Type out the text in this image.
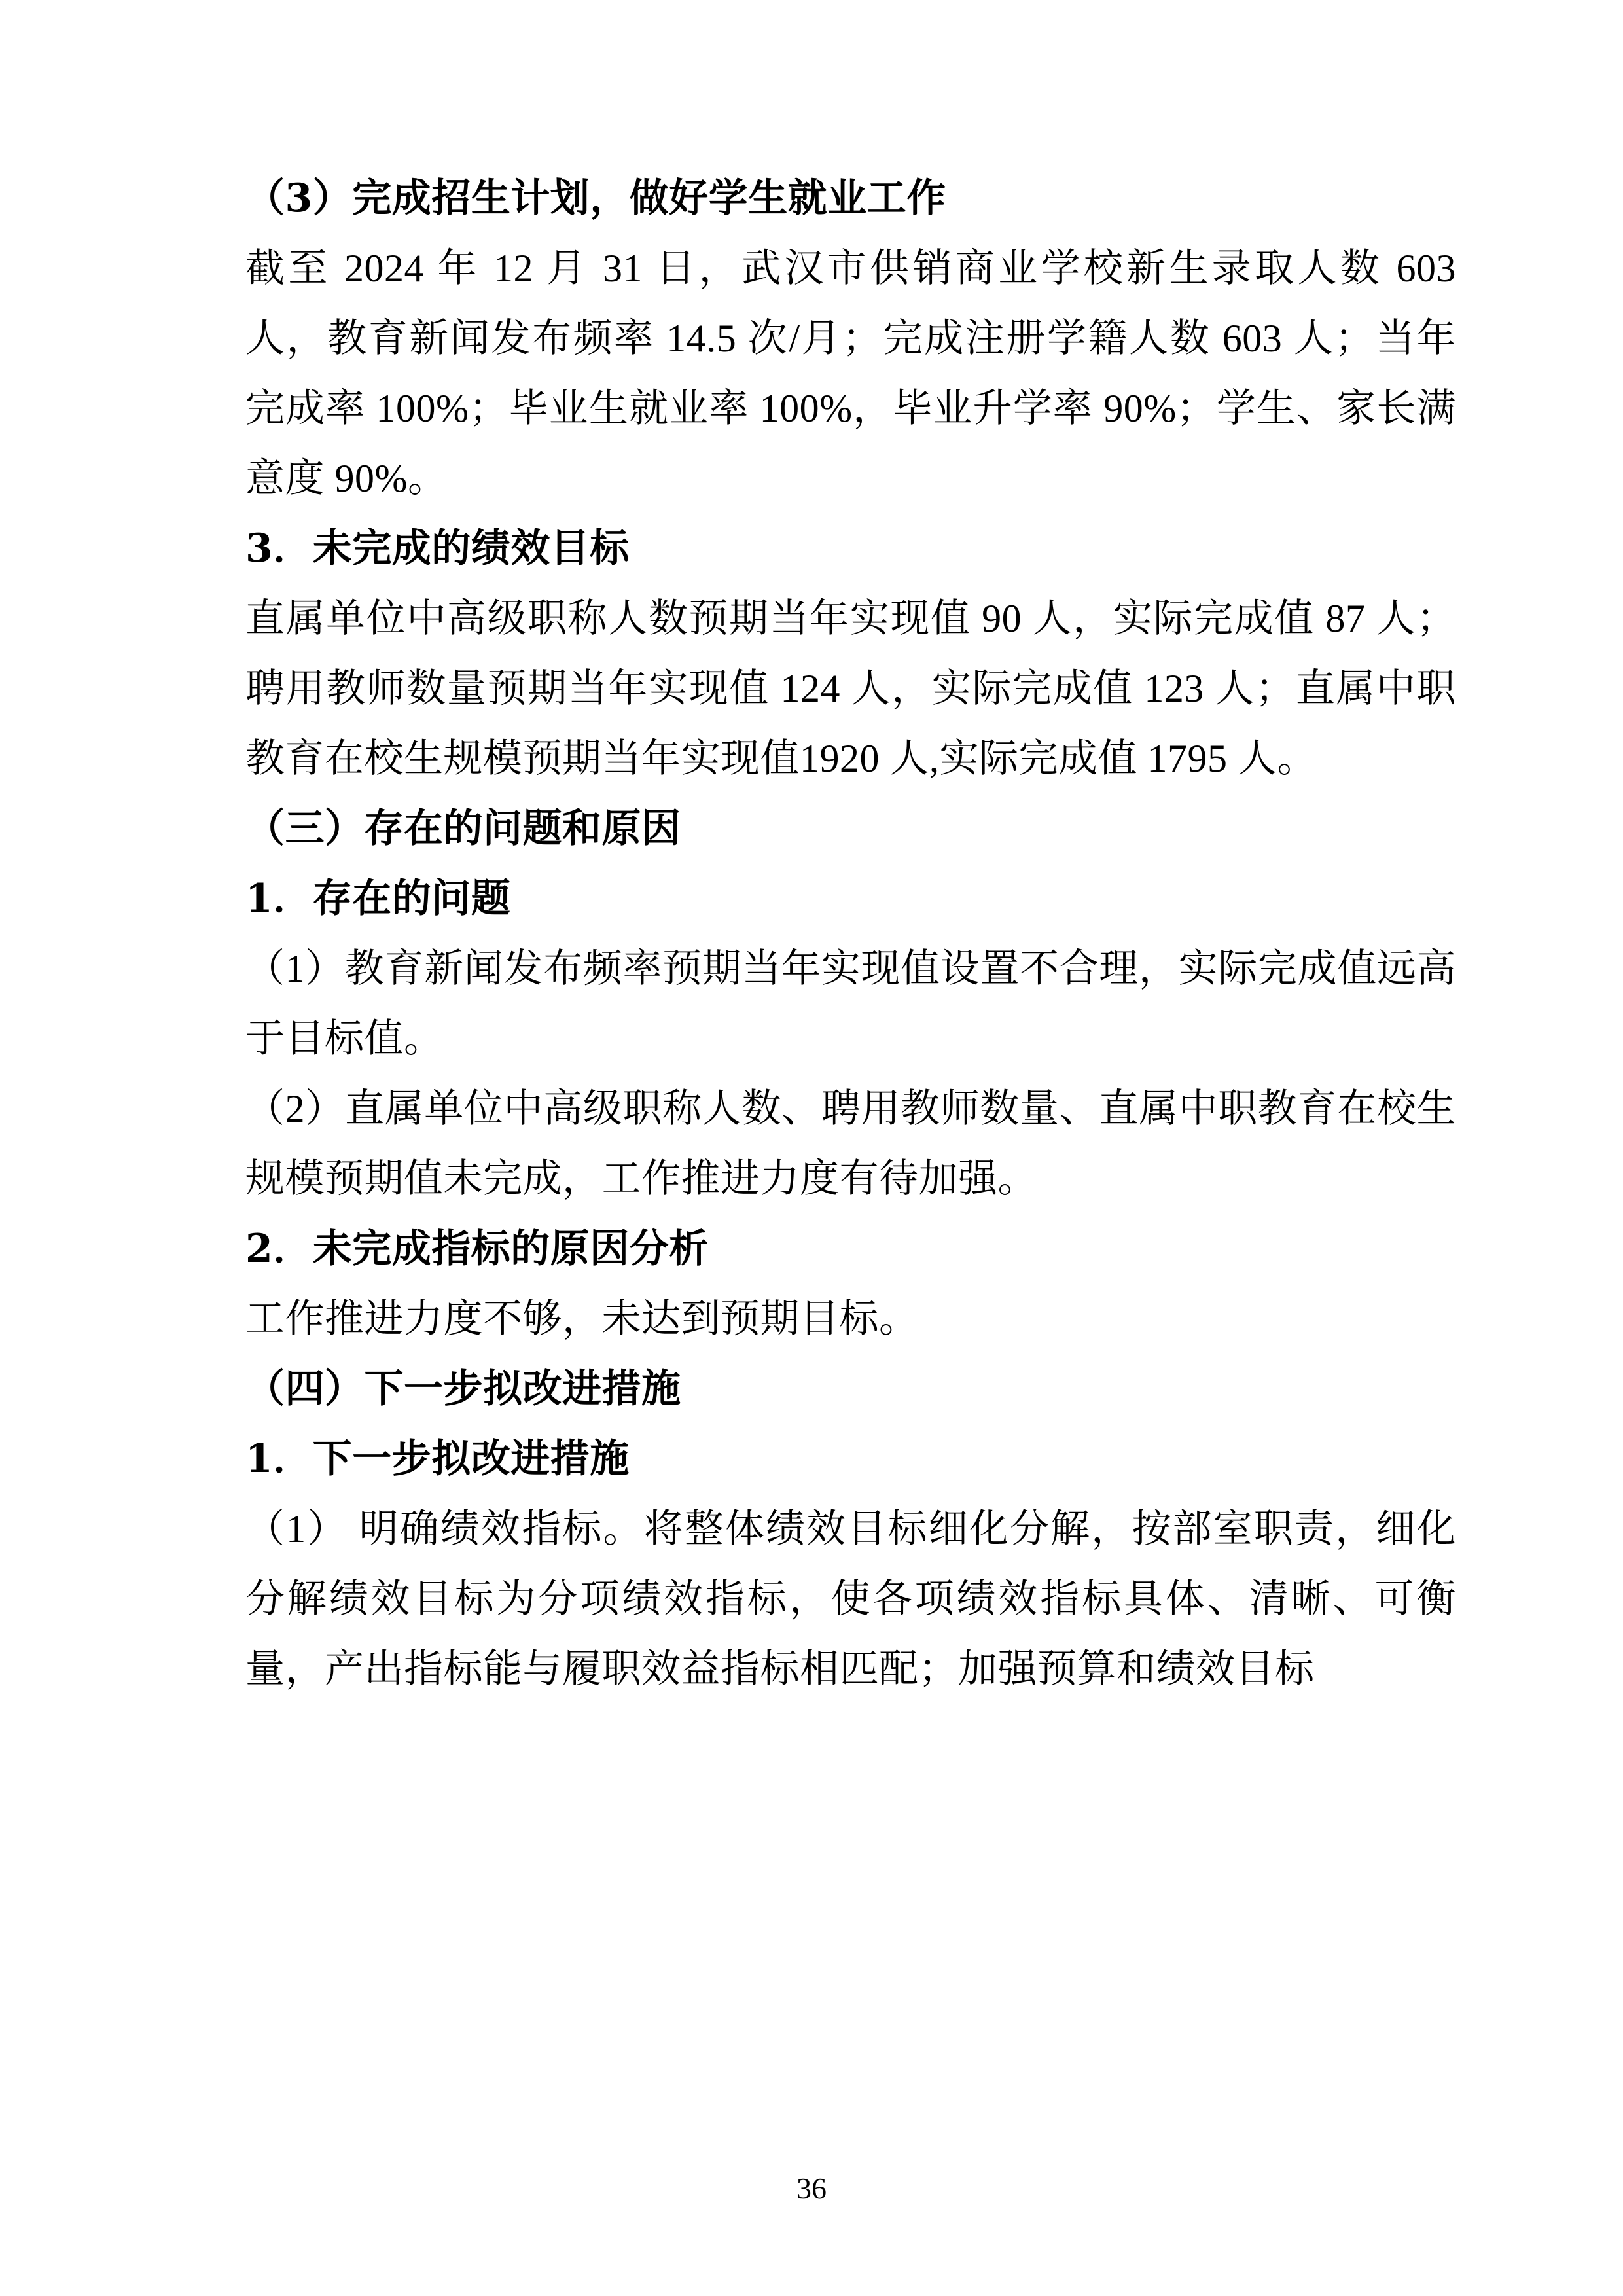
（3）完成招生计划，做好学生就业工作

截至 2024 年 12 月 31 日，武汉市供销商业学校新生录取人数 603 人，教育新闻发布频率 14.5 次/月；完成注册学籍人数 603 人；当年完成率 100%；毕业生就业率 100%，毕业升学率 90%；学生、家长满意度 90%。

3．未完成的绩效目标

直属单位中高级职称人数预期当年实现值 90 人，实际完成值 87 人；聘用教师数量预期当年实现值 124 人，实际完成值 123 人；直属中职教育在校生规模预期当年实现值1920 人,实际完成值 1795 人。

（三）存在的问题和原因

1．存在的问题

（1）教育新闻发布频率预期当年实现值设置不合理，实际完成值远高于目标值。

（2）直属单位中高级职称人数、聘用教师数量、直属中职教育在校生规模预期值未完成，工作推进力度有待加强。

2．未完成指标的原因分析

工作推进力度不够，未达到预期目标。

（四）下一步拟改进措施

1．下一步拟改进措施

（1） 明确绩效指标。将整体绩效目标细化分解，按部室职责，细化分解绩效目标为分项绩效指标，使各项绩效指标具体、清晰、可衡量，产出指标能与履职效益指标相匹配；加强预算和绩效目标

36
